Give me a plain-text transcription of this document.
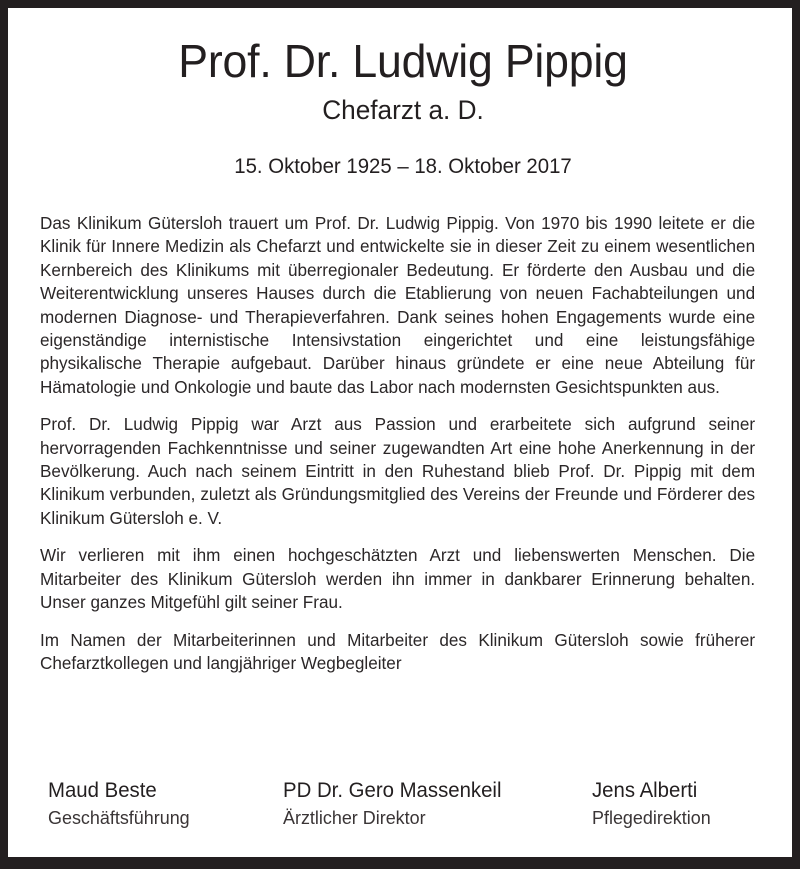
Prof. Dr. Ludwig Pippig
Chefarzt a. D.

15. Oktober 1925 – 18. Oktober 2017

Das Klinikum Gütersloh trauert um Prof. Dr. Ludwig Pippig. Von 1970 bis 1990 leitete er die Klinik für Innere Medizin als Chefarzt und entwickelte sie in dieser Zeit zu einem wesentlichen Kernbereich des Klinikums mit überregionaler Bedeutung. Er förderte den Ausbau und die Weiterentwicklung unseres Hauses durch die Etablierung von neuen Fachabteilungen und modernen Diagnose- und Therapieverfahren. Dank seines hohen Engagements wurde eine eigenständige internistische Intensivstation eingerichtet und eine leistungsfähige physikalische Therapie aufgebaut. Darüber hinaus gründete er eine neue Abteilung für Hämatologie und Onkologie und baute das Labor nach modernsten Gesichtspunkten aus.

Prof. Dr. Ludwig Pippig war Arzt aus Passion und erarbeitete sich aufgrund seiner hervorragenden Fachkenntnisse und seiner zugewandten Art eine hohe Anerkennung in der Bevölkerung. Auch nach seinem Eintritt in den Ruhestand blieb Prof. Dr. Pippig mit dem Klinikum verbunden, zuletzt als Gründungsmitglied des Vereins der Freunde und Förderer des Klinikum Gütersloh e. V.

Wir verlieren mit ihm einen hochgeschätzten Arzt und liebenswerten Menschen. Die Mitarbeiter des Klinikum Gütersloh werden ihn immer in dankbarer Erinnerung behalten. Unser ganzes Mitgefühl gilt seiner Frau.

Im Namen der Mitarbeiterinnen und Mitarbeiter des Klinikum Gütersloh sowie früherer Chefarztkollegen und langjähriger Wegbegleiter

Maud Beste
Geschäftsführung
PD Dr. Gero Massenkeil
Ärztlicher Direktor
Jens Alberti
Pflegedirektion
